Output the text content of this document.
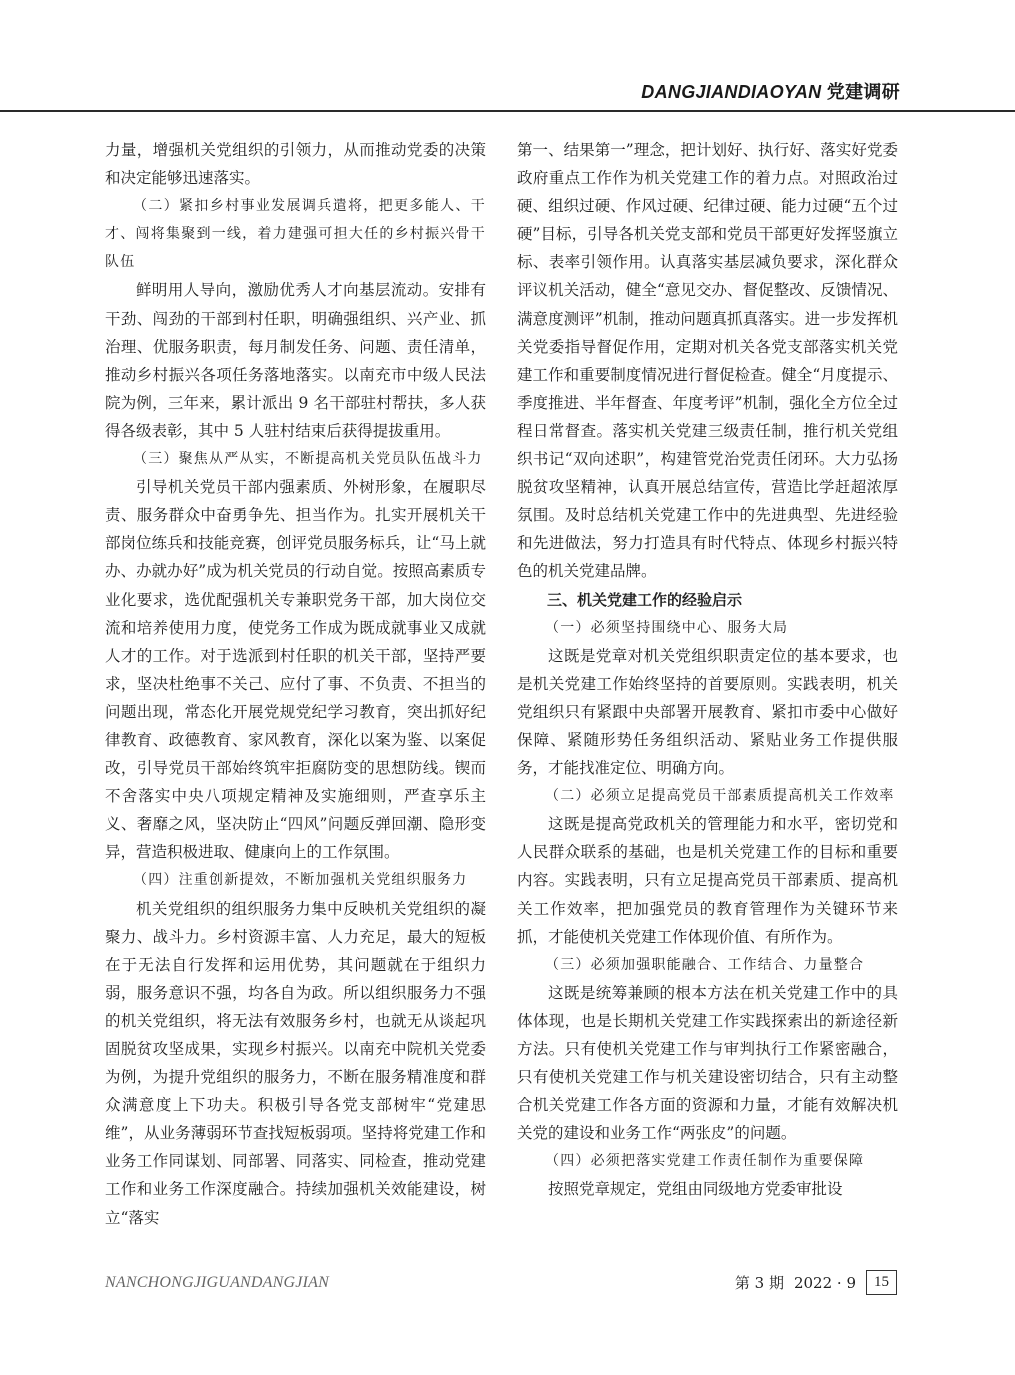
DANGJIANDIAOYAN 党建调研

力量，增强机关党组织的引领力，从而推动党委的决策和决定能够迅速落实。

（二）紧扣乡村事业发展调兵遣将，把更多能人、干才、闯将集聚到一线，着力建强可担大任的乡村振兴骨干队伍

鲜明用人导向，激励优秀人才向基层流动。安排有干劲、闯劲的干部到村任职，明确强组织、兴产业、抓治理、优服务职责，每月制发任务、问题、责任清单，推动乡村振兴各项任务落地落实。以南充市中级人民法院为例，三年来，累计派出 9 名干部驻村帮扶，多人获得各级表彰，其中 5 人驻村结束后获得提拔重用。

（三）聚焦从严从实，不断提高机关党员队伍战斗力

引导机关党员干部内强素质、外树形象，在履职尽责、服务群众中奋勇争先、担当作为。扎实开展机关干部岗位练兵和技能竞赛，创评党员服务标兵，让“马上就办、办就办好”成为机关党员的行动自觉。按照高素质专业化要求，选优配强机关专兼职党务干部，加大岗位交流和培养使用力度，使党务工作成为既成就事业又成就人才的工作。对于选派到村任职的机关干部，坚持严要求，坚决杜绝事不关己、应付了事、不负责、不担当的问题出现，常态化开展党规党纪学习教育，突出抓好纪律教育、政德教育、家风教育，深化以案为鉴、以案促改，引导党员干部始终筑牢拒腐防变的思想防线。锲而不舍落实中央八项规定精神及实施细则，严查享乐主义、奢靡之风，坚决防止“四风”问题反弹回潮、隐形变异，营造积极进取、健康向上的工作氛围。

（四）注重创新提效，不断加强机关党组织服务力

机关党组织的组织服务力集中反映机关党组织的凝聚力、战斗力。乡村资源丰富、人力充足，最大的短板在于无法自行发挥和运用优势，其问题就在于组织力弱，服务意识不强，均各自为政。所以组织服务力不强的机关党组织，将无法有效服务乡村，也就无从谈起巩固脱贫攻坚成果，实现乡村振兴。以南充中院机关党委为例，为提升党组织的服务力，不断在服务精准度和群众满意度上下功夫。积极引导各党支部树牢“党建思维”，从业务薄弱环节查找短板弱项。坚持将党建工作和业务工作同谋划、同部署、同落实、同检查，推动党建工作和业务工作深度融合。持续加强机关效能建设，树立“落实

第一、结果第一”理念，把计划好、执行好、落实好党委政府重点工作作为机关党建工作的着力点。对照政治过硬、组织过硬、作风过硬、纪律过硬、能力过硬“五个过硬”目标，引导各机关党支部和党员干部更好发挥竖旗立标、表率引领作用。认真落实基层减负要求，深化群众评议机关活动，健全“意见交办、督促整改、反馈情况、满意度测评”机制，推动问题真抓真落实。进一步发挥机关党委指导督促作用，定期对机关各党支部落实机关党建工作和重要制度情况进行督促检查。健全“月度提示、季度推进、半年督查、年度考评”机制，强化全方位全过程日常督查。落实机关党建三级责任制，推行机关党组织书记“双向述职”，构建管党治党责任闭环。大力弘扬脱贫攻坚精神，认真开展总结宣传，营造比学赶超浓厚氛围。及时总结机关党建工作中的先进典型、先进经验和先进做法，努力打造具有时代特点、体现乡村振兴特色的机关党建品牌。

三、机关党建工作的经验启示

（一）必须坚持围绕中心、服务大局

这既是党章对机关党组织职责定位的基本要求，也是机关党建工作始终坚持的首要原则。实践表明，机关党组织只有紧跟中央部署开展教育、紧扣市委中心做好保障、紧随形势任务组织活动、紧贴业务工作提供服务，才能找准定位、明确方向。

（二）必须立足提高党员干部素质提高机关工作效率

这既是提高党政机关的管理能力和水平，密切党和人民群众联系的基础，也是机关党建工作的目标和重要内容。实践表明，只有立足提高党员干部素质、提高机关工作效率，把加强党员的教育管理作为关键环节来抓，才能使机关党建工作体现价值、有所作为。

（三）必须加强职能融合、工作结合、力量整合

这既是统筹兼顾的根本方法在机关党建工作中的具体体现，也是长期机关党建工作实践探索出的新途径新方法。只有使机关党建工作与审判执行工作紧密融合，只有使机关党建工作与机关建设密切结合，只有主动整合机关党建工作各方面的资源和力量，才能有效解决机关党的建设和业务工作“两张皮”的问题。

（四）必须把落实党建工作责任制作为重要保障

按照党章规定，党组由同级地方党委审批设

NANCHONGJIGUANDANGJIAN	第 3 期 2022 · 9	15
